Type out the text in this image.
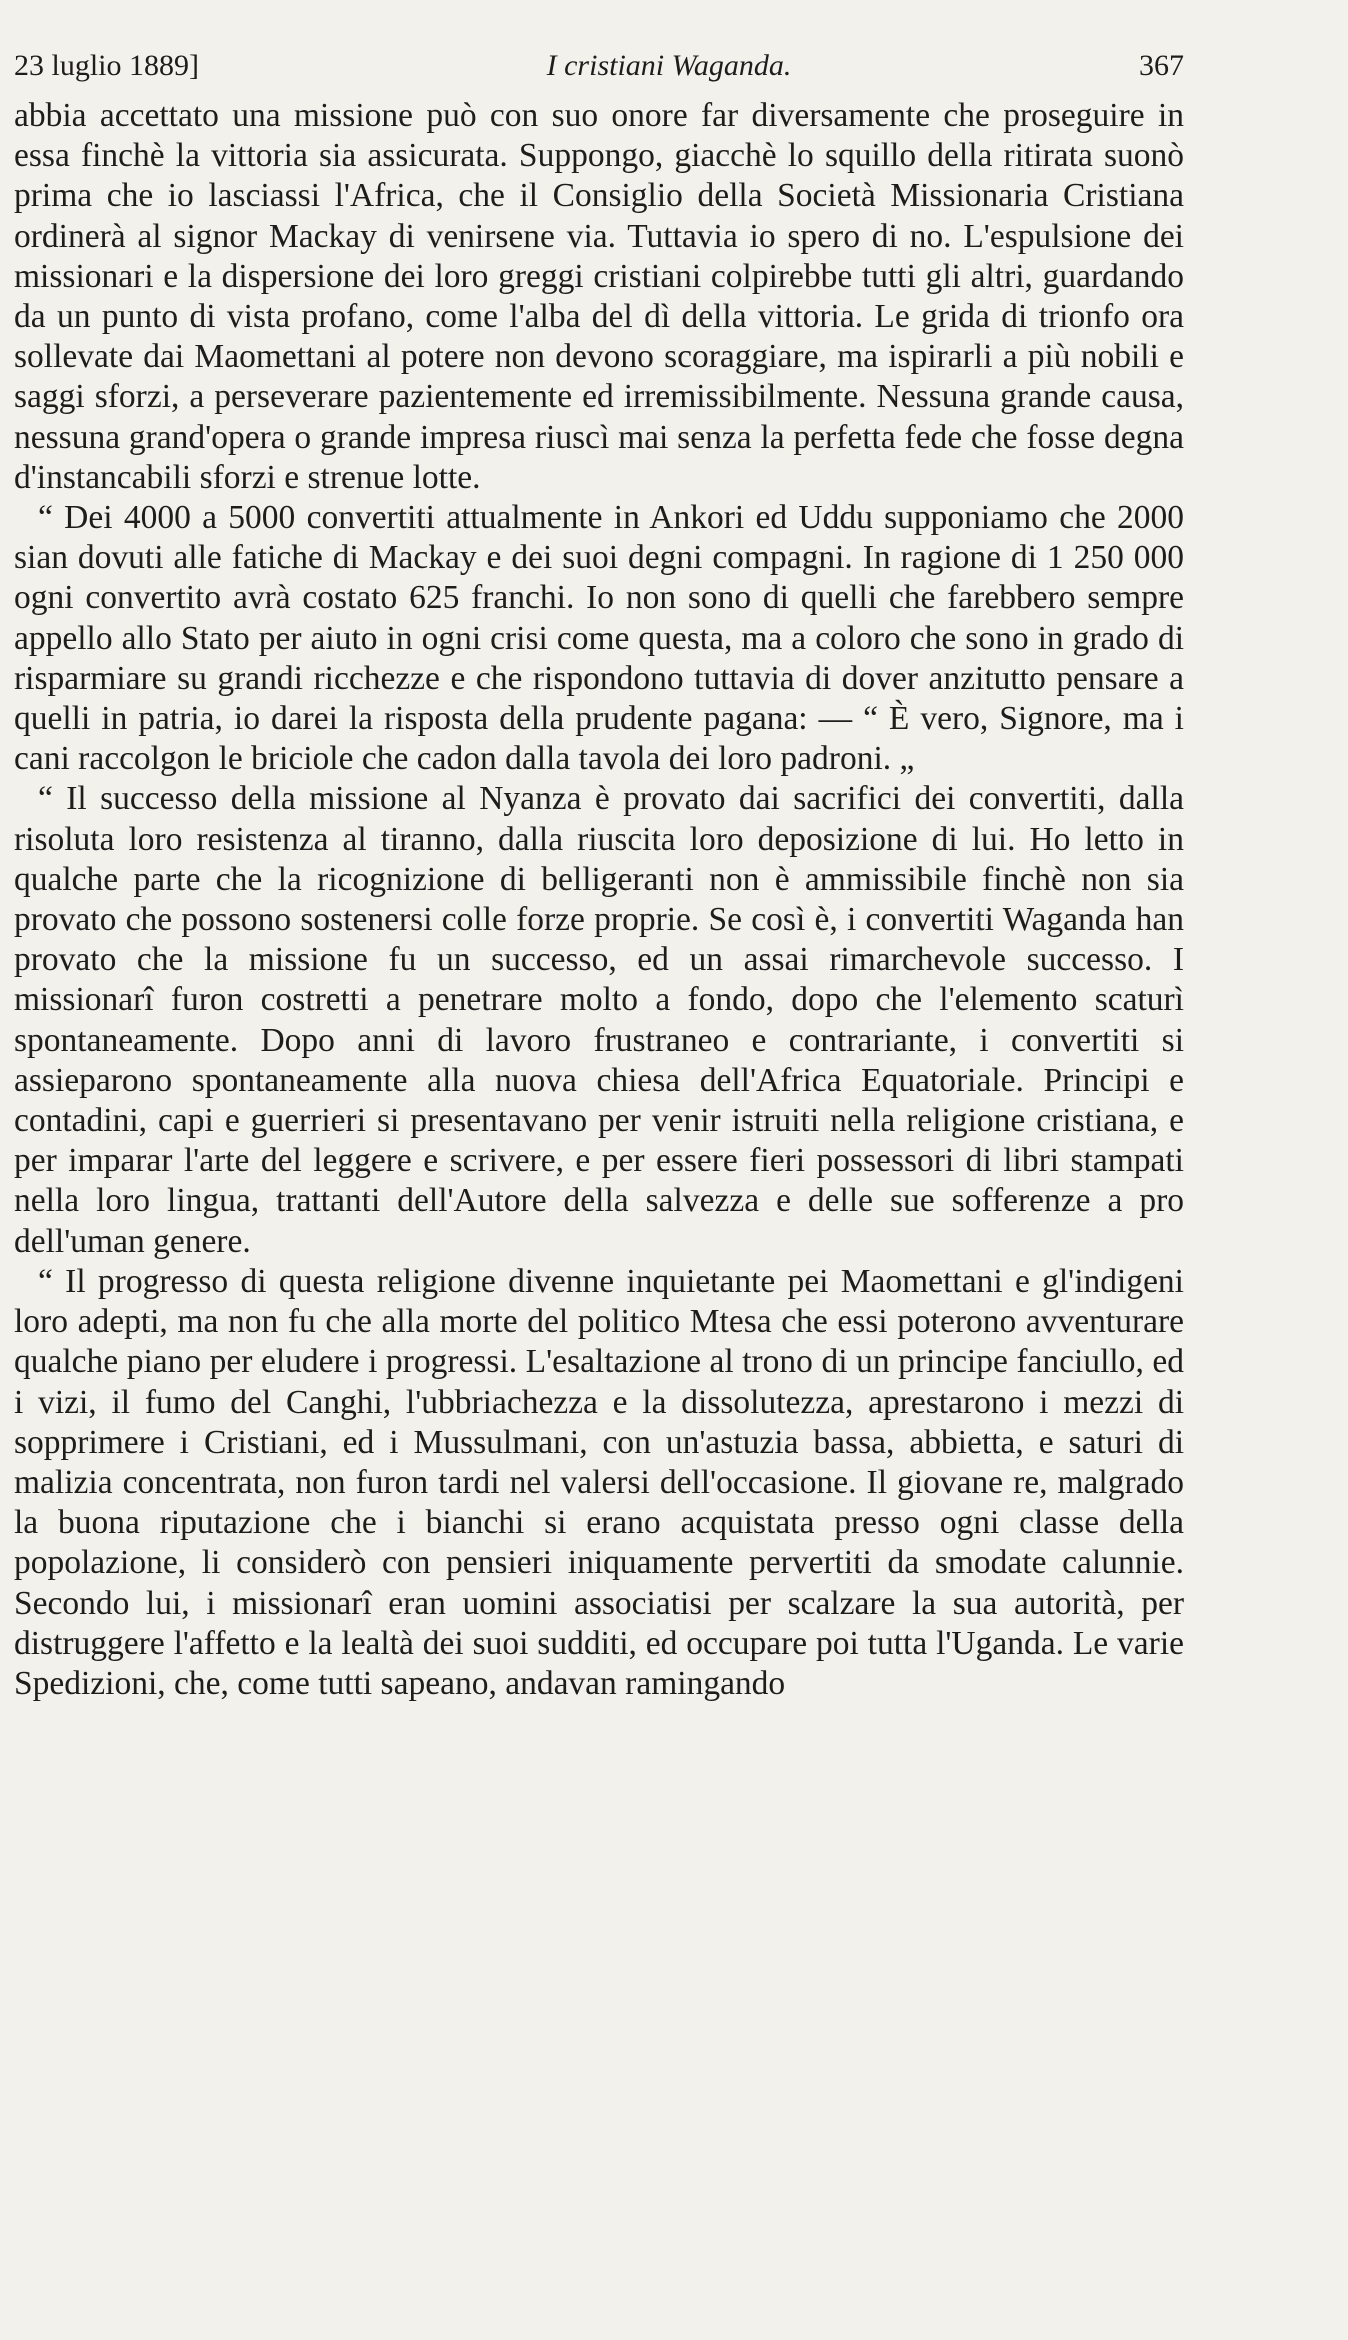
23 luglio 1889]	I cristiani Waganda.	367

abbia accettato una missione può con suo onore far diversamente che proseguire in essa finchè la vittoria sia assicurata. Suppongo, giacchè lo squillo della ritirata suonò prima che io lasciassi l'Africa, che il Consiglio della Società Missionaria Cristiana ordinerà al signor Mackay di venirsene via. Tuttavia io spero di no. L'espulsione dei missionari e la dispersione dei loro greggi cristiani colpirebbe tutti gli altri, guardando da un punto di vista profano, come l'alba del dì della vittoria. Le grida di trionfo ora sollevate dai Maomettani al potere non devono scoraggiare, ma ispirarli a più nobili e saggi sforzi, a perseverare pazientemente ed irremissibilmente. Nessuna grande causa, nessuna grand'opera o grande impresa riuscì mai senza la perfetta fede che fosse degna d'instancabili sforzi e strenue lotte.

“ Dei 4000 a 5000 convertiti attualmente in Ankori ed Uddu supponiamo che 2000 sian dovuti alle fatiche di Mackay e dei suoi degni compagni. In ragione di 1 250 000 ogni convertito avrà costato 625 franchi. Io non sono di quelli che farebbero sempre appello allo Stato per aiuto in ogni crisi come questa, ma a coloro che sono in grado di risparmiare su grandi ricchezze e che rispondono tuttavia di dover anzitutto pensare a quelli in patria, io darei la risposta della prudente pagana: — “ È vero, Signore, ma i cani raccolgon le briciole che cadon dalla tavola dei loro padroni. „

“ Il successo della missione al Nyanza è provato dai sacrifici dei convertiti, dalla risoluta loro resistenza al tiranno, dalla riuscita loro deposizione di lui. Ho letto in qualche parte che la ricognizione di belligeranti non è ammissibile finchè non sia provato che possono sostenersi colle forze proprie. Se così è, i convertiti Waganda han provato che la missione fu un successo, ed un assai rimarchevole successo. I missionarî furon costretti a penetrare molto a fondo, dopo che l'elemento scaturì spontaneamente. Dopo anni di lavoro frustraneo e contrariante, i convertiti si assieparono spontaneamente alla nuova chiesa dell'Africa Equatoriale. Principi e contadini, capi e guerrieri si presentavano per venir istruiti nella religione cristiana, e per imparar l'arte del leggere e scrivere, e per essere fieri possessori di libri stampati nella loro lingua, trattanti dell'Autore della salvezza e delle sue sofferenze a pro dell'uman genere.

“ Il progresso di questa religione divenne inquietante pei Maomettani e gl'indigeni loro adepti, ma non fu che alla morte del politico Mtesa che essi poterono avventurare qualche piano per eludere i progressi. L'esaltazione al trono di un principe fanciullo, ed i vizi, il fumo del Canghi, l'ubbriachezza e la dissolutezza, aprestarono i mezzi di sopprimere i Cristiani, ed i Mussulmani, con un'astuzia bassa, abbietta, e saturi di malizia concentrata, non furon tardi nel valersi dell'occasione. Il giovane re, malgrado la buona riputazione che i bianchi si erano acquistata presso ogni classe della popolazione, li considerò con pensieri iniquamente pervertiti da smodate calunnie. Secondo lui, i missionarî eran uomini associatisi per scalzare la sua autorità, per distruggere l'affetto e la lealtà dei suoi sudditi, ed occupare poi tutta l'Uganda. Le varie Spedizioni, che, come tutti sapeano, andavan ramingando
